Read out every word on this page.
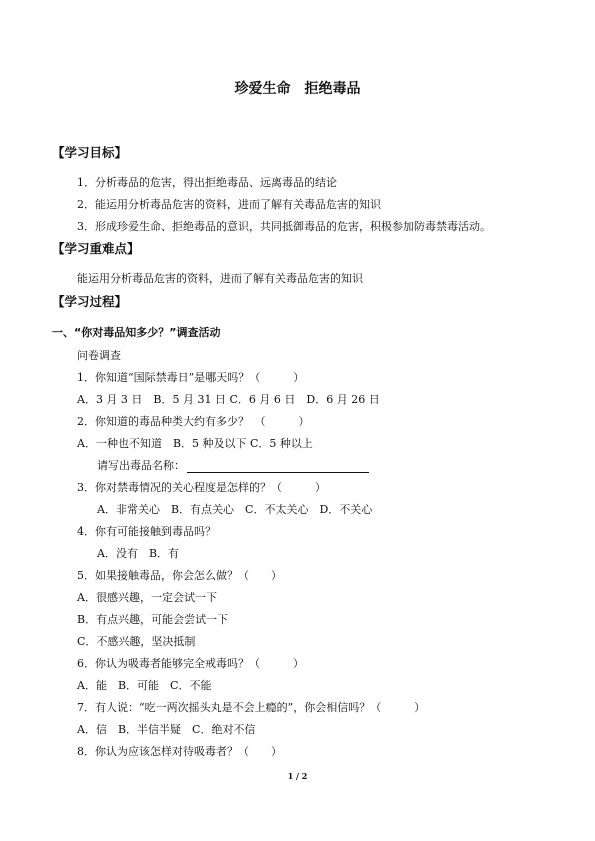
珍爱生命　拒绝毒品
【学习目标】
1．分析毒品的危害，得出拒绝毒品、远离毒品的结论
2．能运用分析毒品危害的资料，进而了解有关毒品危害的知识
3．形成珍爱生命、拒绝毒品的意识，共同抵御毒品的危害，积极参加防毒禁毒活动。
【学习重难点】
能运用分析毒品危害的资料，进而了解有关毒品危害的知识
【学习过程】
一、“你对毒品知多少？”调查活动
问卷调查
1．你知道“国际禁毒日”是哪天吗？（　　　）
A．3 月 3 日　B．5 月 31 日 C．6 月 6 日　D．6 月 26 日
2．你知道的毒品种类大约有多少？　（　　　）
A．一种也不知道　B．5 种及以下 C．5 种以上
请写出毒品名称：
3．你对禁毒情况的关心程度是怎样的？（　　　）
A．非常关心　B．有点关心　C．不太关心　D．不关心
4．你有可能接触到毒品吗？
A．没有　B．有
5．如果接触毒品，你会怎么做？（　　）
A．很感兴趣，一定会试一下
B．有点兴趣，可能会尝试一下
C．不感兴趣，坚决抵制
6．你认为吸毒者能够完全戒毒吗？（　　　）
A．能　B．可能　C．不能
7．有人说：“吃一两次摇头丸是不会上瘾的”，你会相信吗？（　　　）
A．信　B．半信半疑　C．绝对不信
8．你认为应该怎样对待吸毒者？（　　）
1 / 2
